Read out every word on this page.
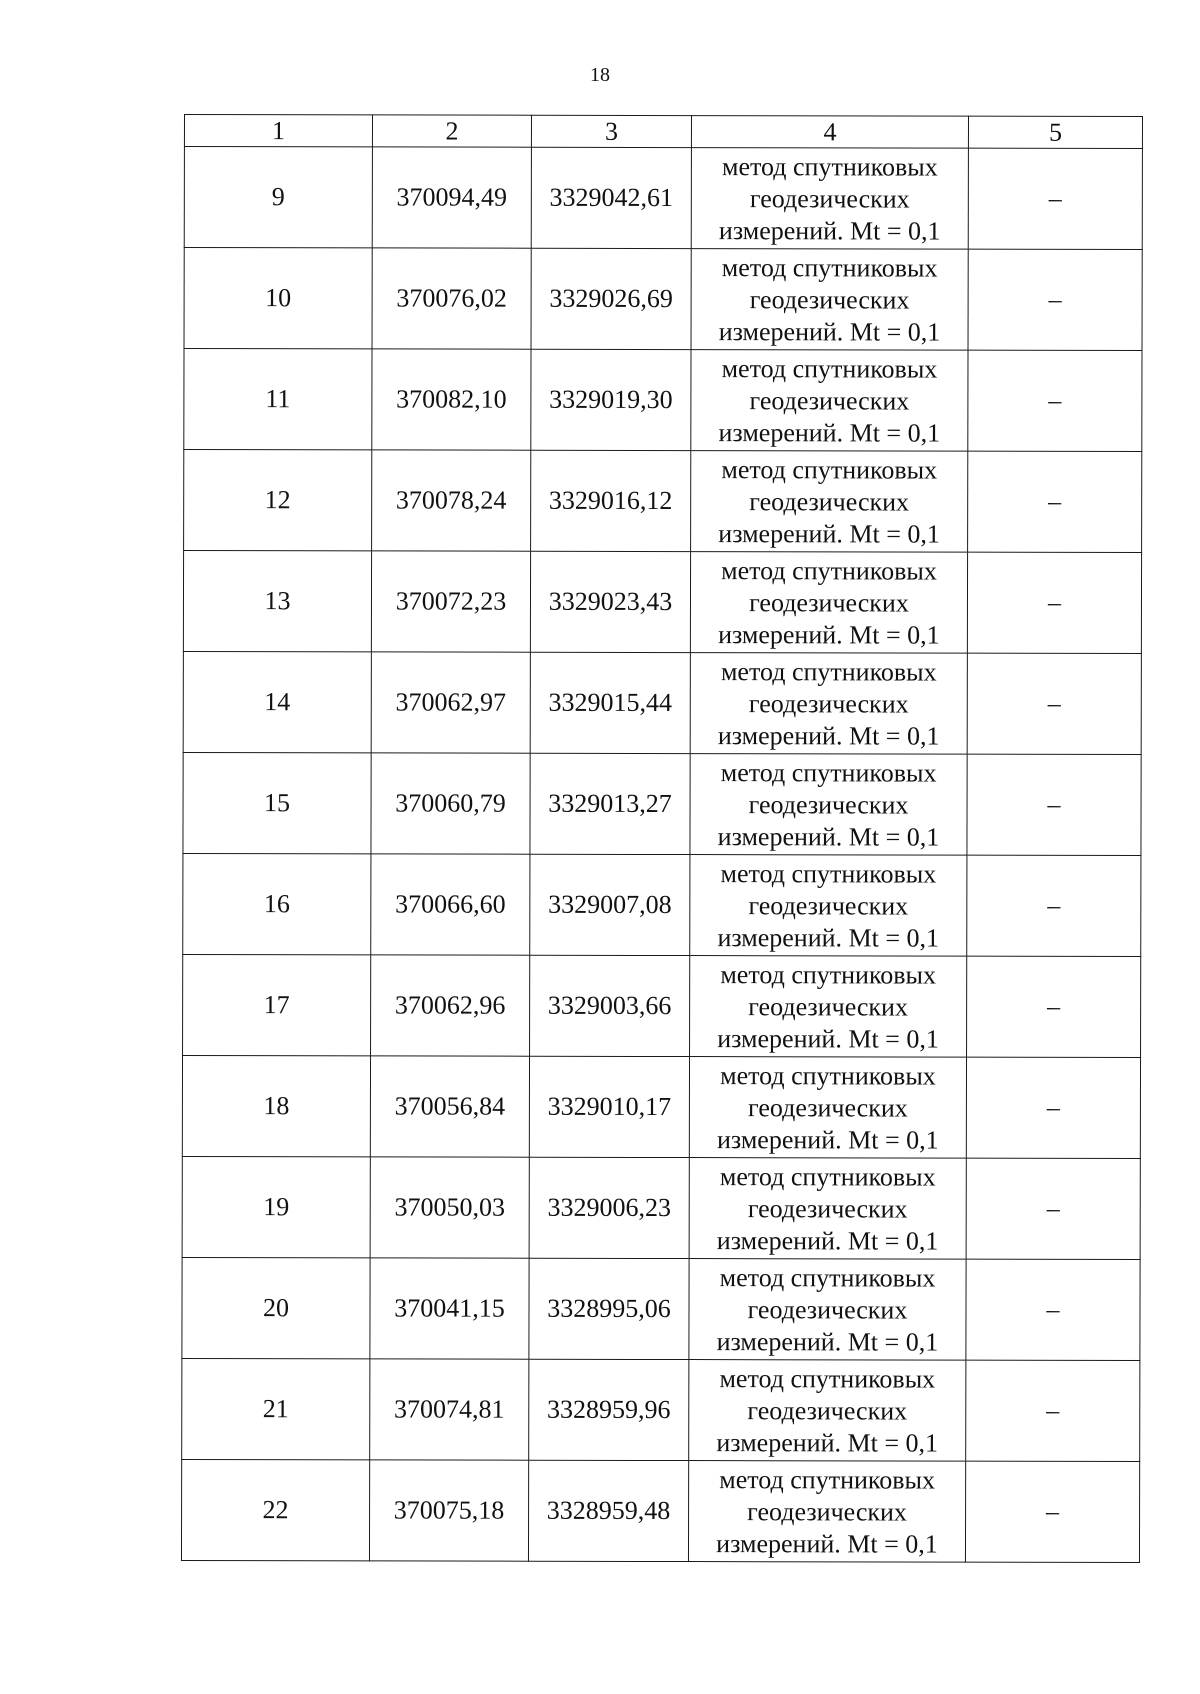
18
1	2	3	4	5
9	370094,49	3329042,61	метод спутниковых
геодезических
измерений. Mt = 0,1	–
10	370076,02	3329026,69	метод спутниковых
геодезических
измерений. Mt = 0,1	–
11	370082,10	3329019,30	метод спутниковых
геодезических
измерений. Mt = 0,1	–
12	370078,24	3329016,12	метод спутниковых
геодезических
измерений. Mt = 0,1	–
13	370072,23	3329023,43	метод спутниковых
геодезических
измерений. Mt = 0,1	–
14	370062,97	3329015,44	метод спутниковых
геодезических
измерений. Mt = 0,1	–
15	370060,79	3329013,27	метод спутниковых
геодезических
измерений. Mt = 0,1	–
16	370066,60	3329007,08	метод спутниковых
геодезических
измерений. Mt = 0,1	–
17	370062,96	3329003,66	метод спутниковых
геодезических
измерений. Mt = 0,1	–
18	370056,84	3329010,17	метод спутниковых
геодезических
измерений. Mt = 0,1	–
19	370050,03	3329006,23	метод спутниковых
геодезических
измерений. Mt = 0,1	–
20	370041,15	3328995,06	метод спутниковых
геодезических
измерений. Mt = 0,1	–
21	370074,81	3328959,96	метод спутниковых
геодезических
измерений. Mt = 0,1	–
22	370075,18	3328959,48	метод спутниковых
геодезических
измерений. Mt = 0,1	–
